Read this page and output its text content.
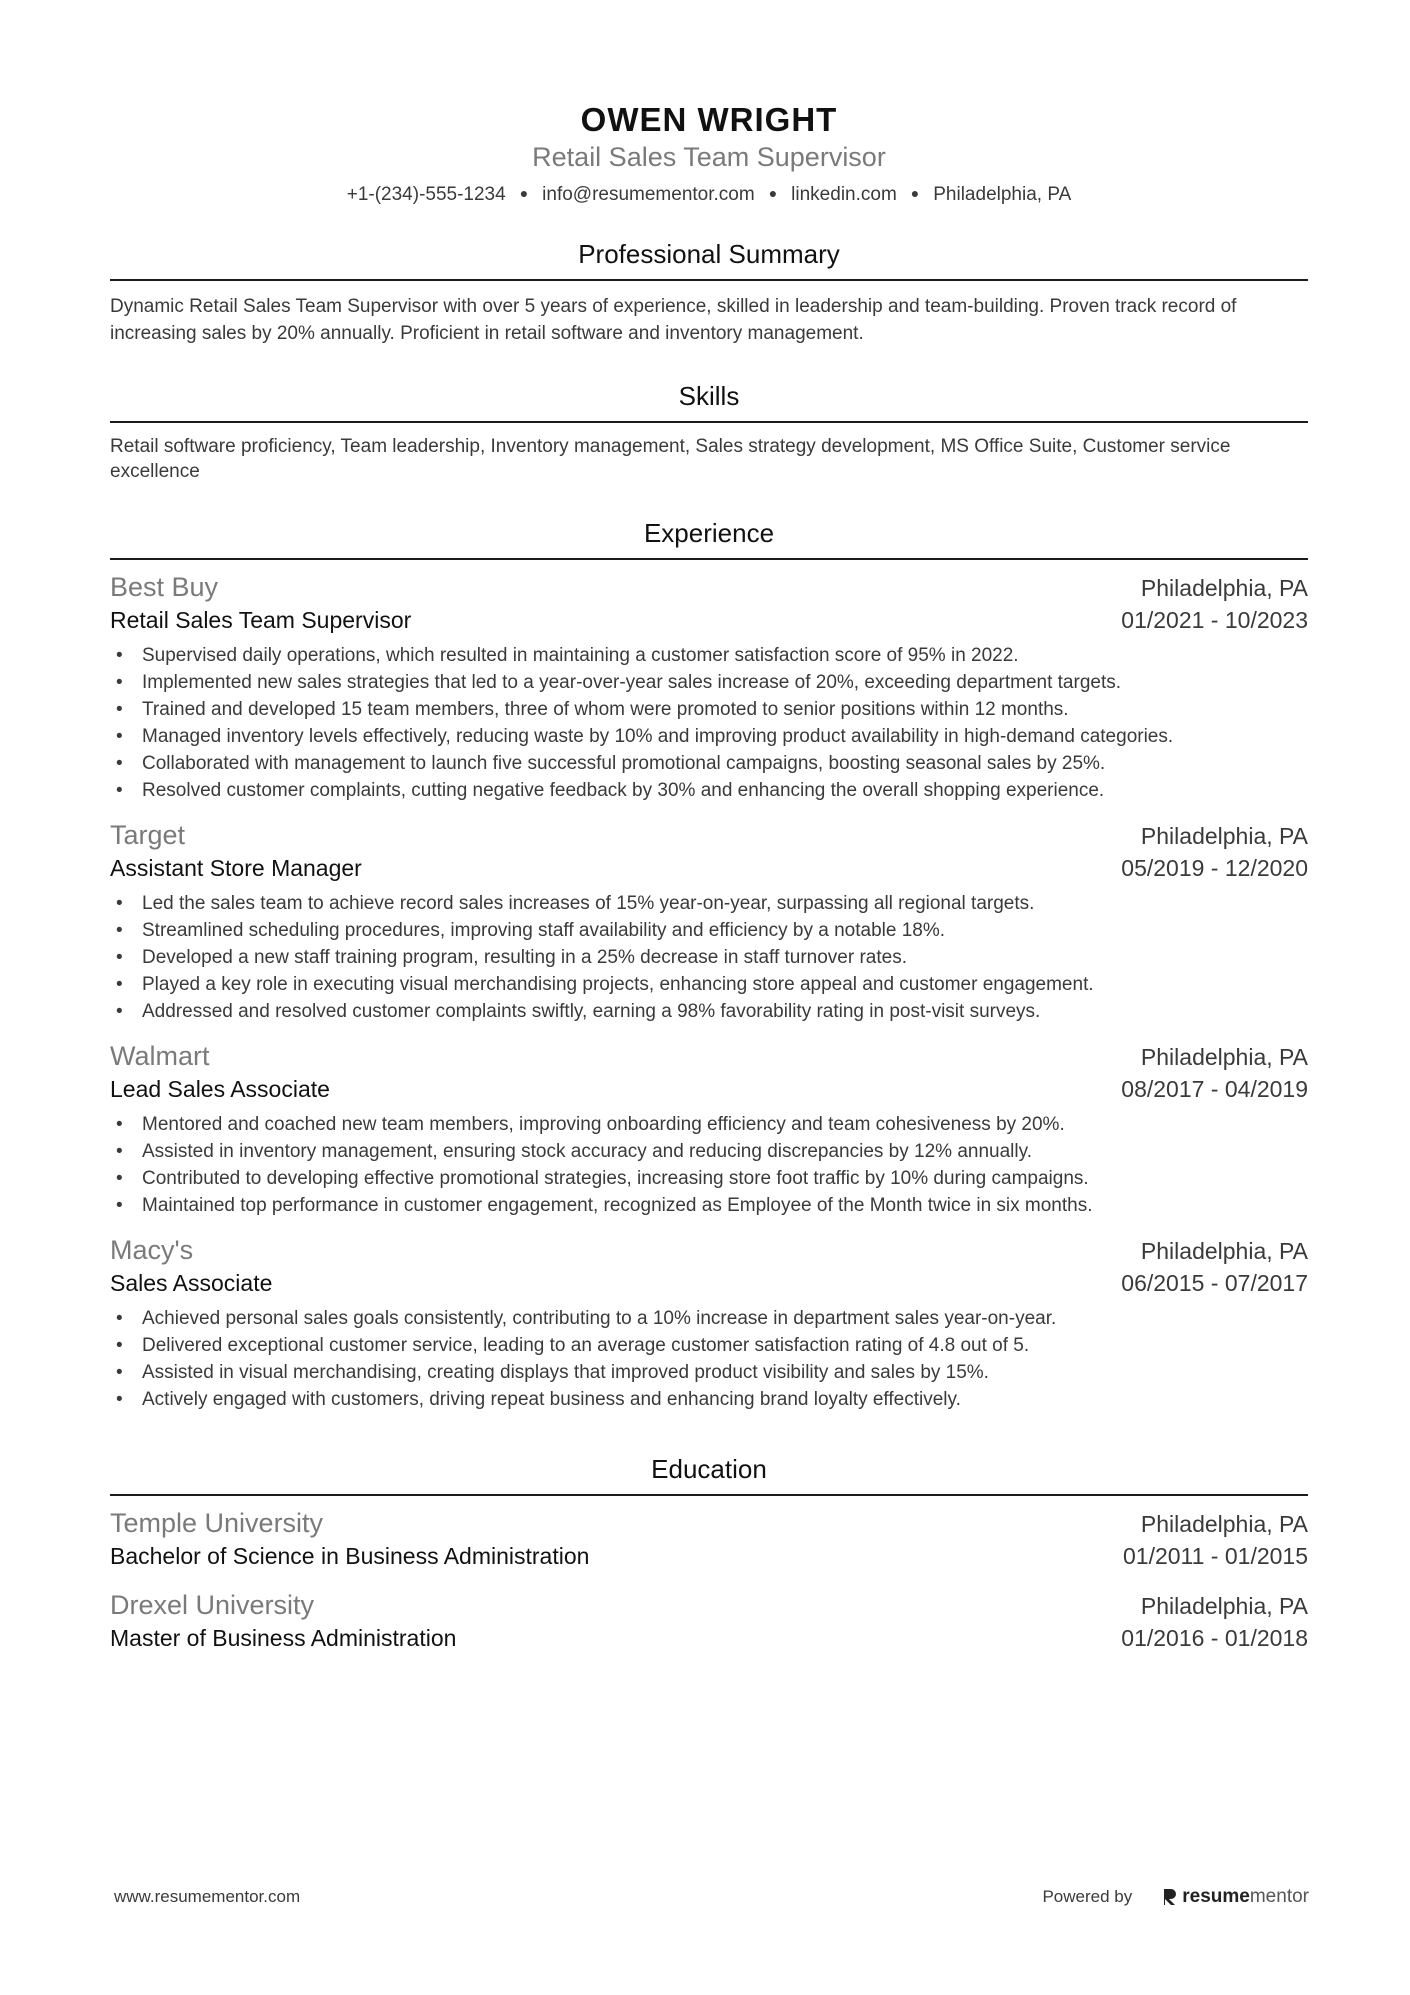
OWEN WRIGHT
Retail Sales Team Supervisor
+1-(234)-555-1234 ● info@resumementor.com ● linkedin.com ● Philadelphia, PA
Professional Summary
Dynamic Retail Sales Team Supervisor with over 5 years of experience, skilled in leadership and team-building. Proven track record of increasing sales by 20% annually. Proficient in retail software and inventory management.
Skills
Retail software proficiency, Team leadership, Inventory management, Sales strategy development, MS Office Suite, Customer service excellence
Experience
Best Buy	Philadelphia, PA
Retail Sales Team Supervisor	01/2021 - 10/2023
• Supervised daily operations, which resulted in maintaining a customer satisfaction score of 95% in 2022.
• Implemented new sales strategies that led to a year-over-year sales increase of 20%, exceeding department targets.
• Trained and developed 15 team members, three of whom were promoted to senior positions within 12 months.
• Managed inventory levels effectively, reducing waste by 10% and improving product availability in high-demand categories.
• Collaborated with management to launch five successful promotional campaigns, boosting seasonal sales by 25%.
• Resolved customer complaints, cutting negative feedback by 30% and enhancing the overall shopping experience.
Target	Philadelphia, PA
Assistant Store Manager	05/2019 - 12/2020
• Led the sales team to achieve record sales increases of 15% year-on-year, surpassing all regional targets.
• Streamlined scheduling procedures, improving staff availability and efficiency by a notable 18%.
• Developed a new staff training program, resulting in a 25% decrease in staff turnover rates.
• Played a key role in executing visual merchandising projects, enhancing store appeal and customer engagement.
• Addressed and resolved customer complaints swiftly, earning a 98% favorability rating in post-visit surveys.
Walmart	Philadelphia, PA
Lead Sales Associate	08/2017 - 04/2019
• Mentored and coached new team members, improving onboarding efficiency and team cohesiveness by 20%.
• Assisted in inventory management, ensuring stock accuracy and reducing discrepancies by 12% annually.
• Contributed to developing effective promotional strategies, increasing store foot traffic by 10% during campaigns.
• Maintained top performance in customer engagement, recognized as Employee of the Month twice in six months.
Macy's	Philadelphia, PA
Sales Associate	06/2015 - 07/2017
• Achieved personal sales goals consistently, contributing to a 10% increase in department sales year-on-year.
• Delivered exceptional customer service, leading to an average customer satisfaction rating of 4.8 out of 5.
• Assisted in visual merchandising, creating displays that improved product visibility and sales by 15%.
• Actively engaged with customers, driving repeat business and enhancing brand loyalty effectively.
Education
Temple University	Philadelphia, PA
Bachelor of Science in Business Administration	01/2011 - 01/2015
Drexel University	Philadelphia, PA
Master of Business Administration	01/2016 - 01/2018
www.resumementor.com	Powered by	resume mentor
